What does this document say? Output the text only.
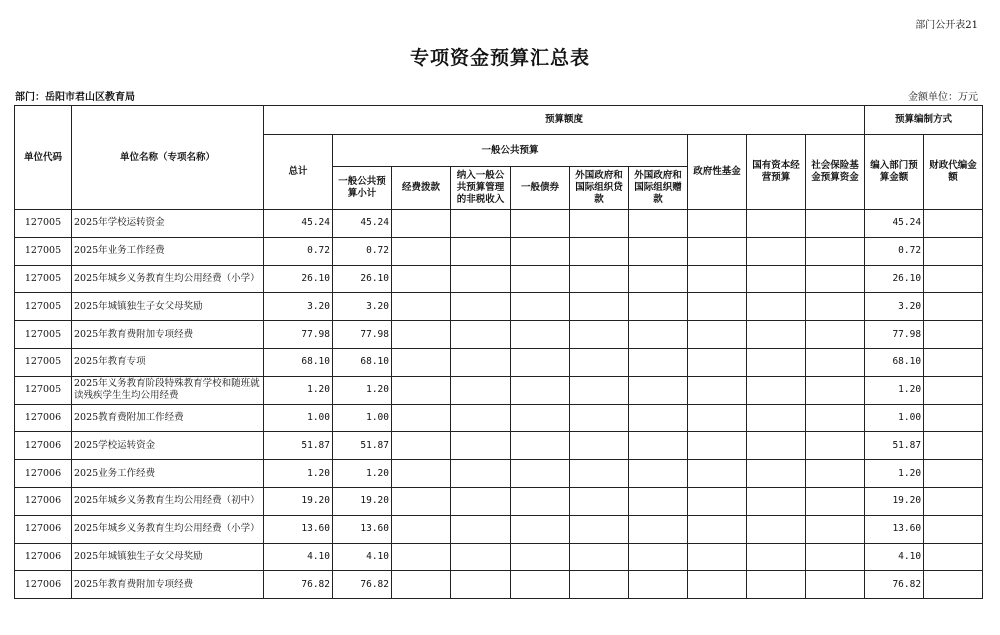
部门公开表21
专项资金预算汇总表
部门：岳阳市君山区教育局	金额单位：万元
单位代码	单位名称（专项名称）	预算额度										预算编制方式	
		总计	一般公共预算						政府性基金	国有资本经营预算	社会保险基金预算资金	编入部门预算金额	财政代编金额
			一般公共预算小计	经费拨款	纳入一般公共预算管理的非税收入	一般债券	外国政府和国际组织贷款	外国政府和国际组织赠款					
127005	2025年学校运转资金	45.24	45.24									45.24	
127005	2025年业务工作经费	0.72	0.72									0.72	
127005	2025年城乡义务教育生均公用经费（小学）	26.10	26.10									26.10	
127005	2025年城镇独生子女父母奖励	3.20	3.20									3.20	
127005	2025年教育费附加专项经费	77.98	77.98									77.98	
127005	2025年教育专项	68.10	68.10									68.10	
127005	2025年义务教育阶段特殊教育学校和随班就读残疾学生生均公用经费	1.20	1.20									1.20	
127006	2025教育费附加工作经费	1.00	1.00									1.00	
127006	2025学校运转资金	51.87	51.87									51.87	
127006	2025业务工作经费	1.20	1.20									1.20	
127006	2025年城乡义务教育生均公用经费（初中）	19.20	19.20									19.20	
127006	2025年城乡义务教育生均公用经费（小学）	13.60	13.60									13.60	
127006	2025年城镇独生子女父母奖励	4.10	4.10									4.10	
127006	2025年教育费附加专项经费	76.82	76.82									76.82	
